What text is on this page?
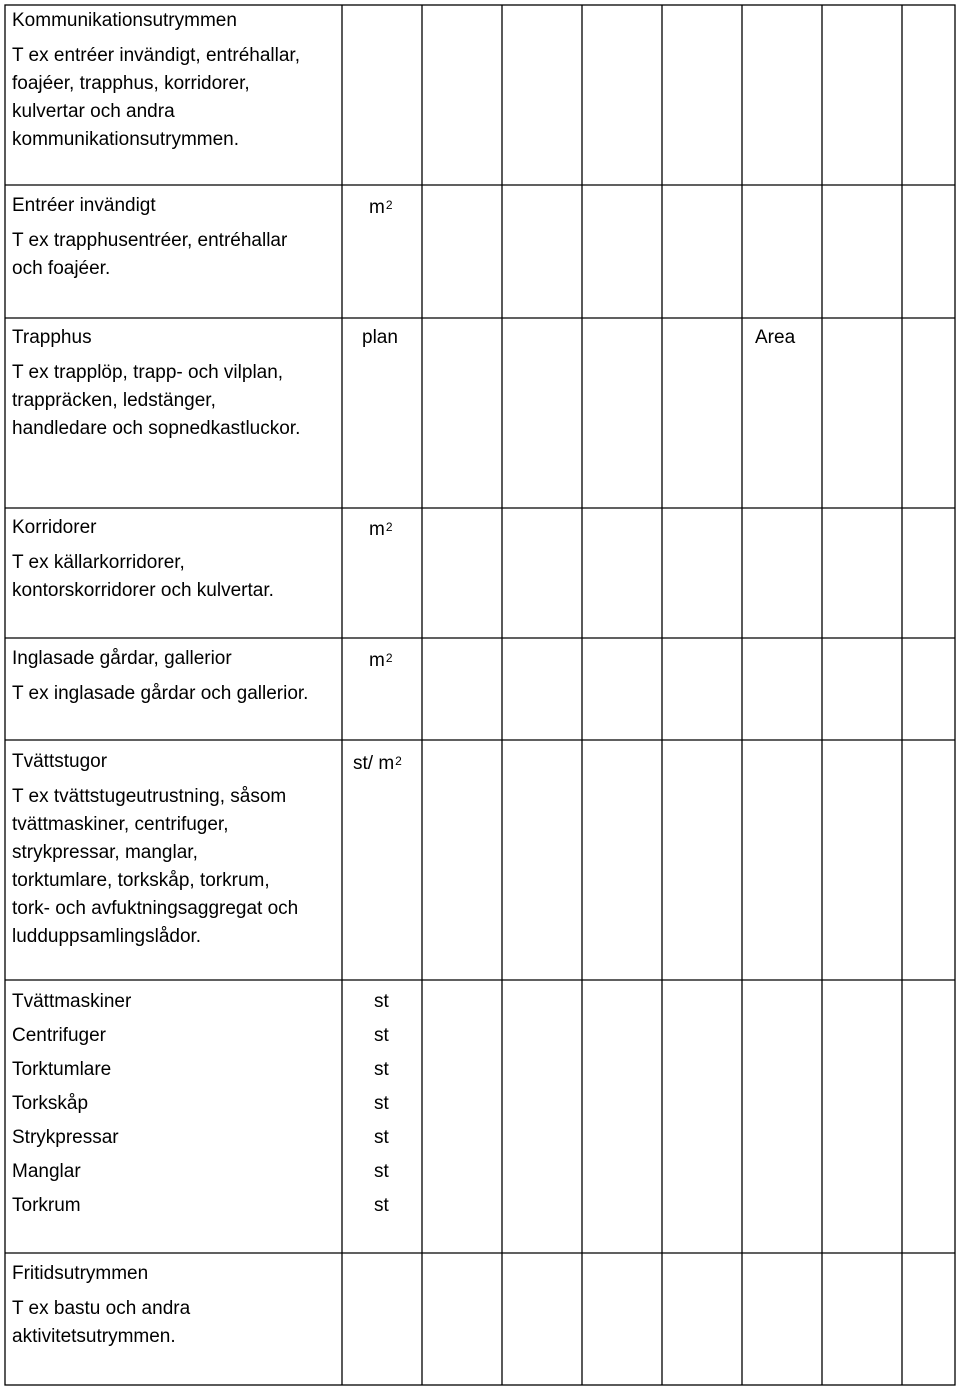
Kommunikationsutrymmen

T ex entréer invändigt, entréhallar,

foajéer, trapphus, korridorer,

kulvertar och andra

kommunikationsutrymmen.

Entréer invändigt

T ex trapphusentréer, entréhallar

och foajéer.

$m^2$

Trapphus

T ex trapplöp, trapp- och vilplan,

trappräcken, ledstänger,

handledare och sopnedkastluckor.

plan	Area

Korridorer

T ex källarkorridorer,

kontorskorridorer och kulvertar.

$m^2$

Inglasade gårdar, gallerior

T ex inglasade gårdar och gallerior.

$m^2$

Tvättstugor

T ex tvättstugeutrustning, såsom

tvättmaskiner, centrifuger,

strykpressar, manglar,

torktumlare, torkskåp, torkrum,

tork- och avfuktningsaggregat och

ludduppsamlingslådor.

st/ $m^2$

Tvättmaskiner

Centrifuger

Torktumlare

Torkskåp

Strykpressar

Manglar

Torkrum

st

st

st

st

st

st

st

Fritidsutrymmen

T ex bastu och andra

aktivitetsutrymmen.
